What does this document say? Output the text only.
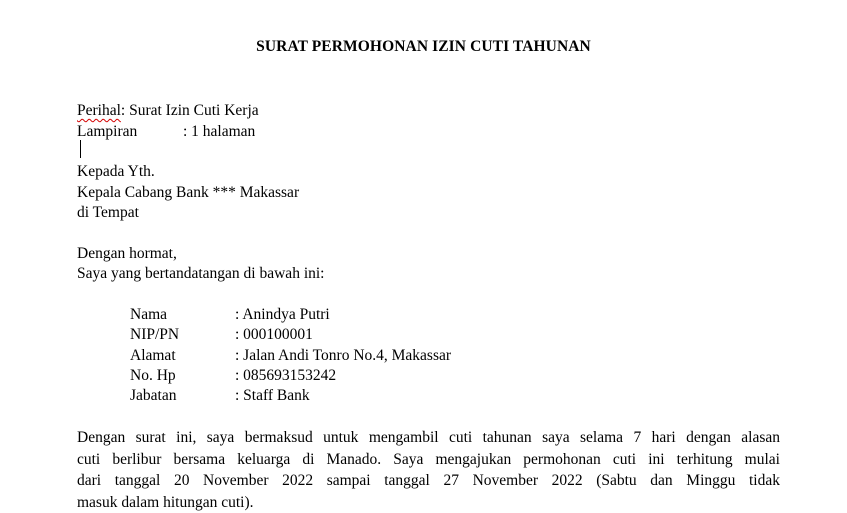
SURAT PERMOHONAN IZIN CUTI TAHUNAN
Perihal: Surat Izin Cuti Kerja
Lampiran	: 1 halaman
Kepada Yth.
Kepala Cabang Bank *** Makassar
di Tempat
Dengan hormat,
Saya yang bertandatangan di bawah ini:
Nama	: Anindya Putri
NIP/PN	: 000100001
Alamat	: Jalan Andi Tonro No.4, Makassar
No. Hp	: 085693153242
Jabatan	: Staff Bank
Dengan surat ini, saya bermaksud untuk mengambil cuti tahunan saya selama 7 hari dengan alasan
cuti berlibur bersama keluarga di Manado. Saya mengajukan permohonan cuti ini terhitung mulai
dari tanggal 20 November 2022 sampai tanggal 27 November 2022 (Sabtu dan Minggu tidak
masuk dalam hitungan cuti).
